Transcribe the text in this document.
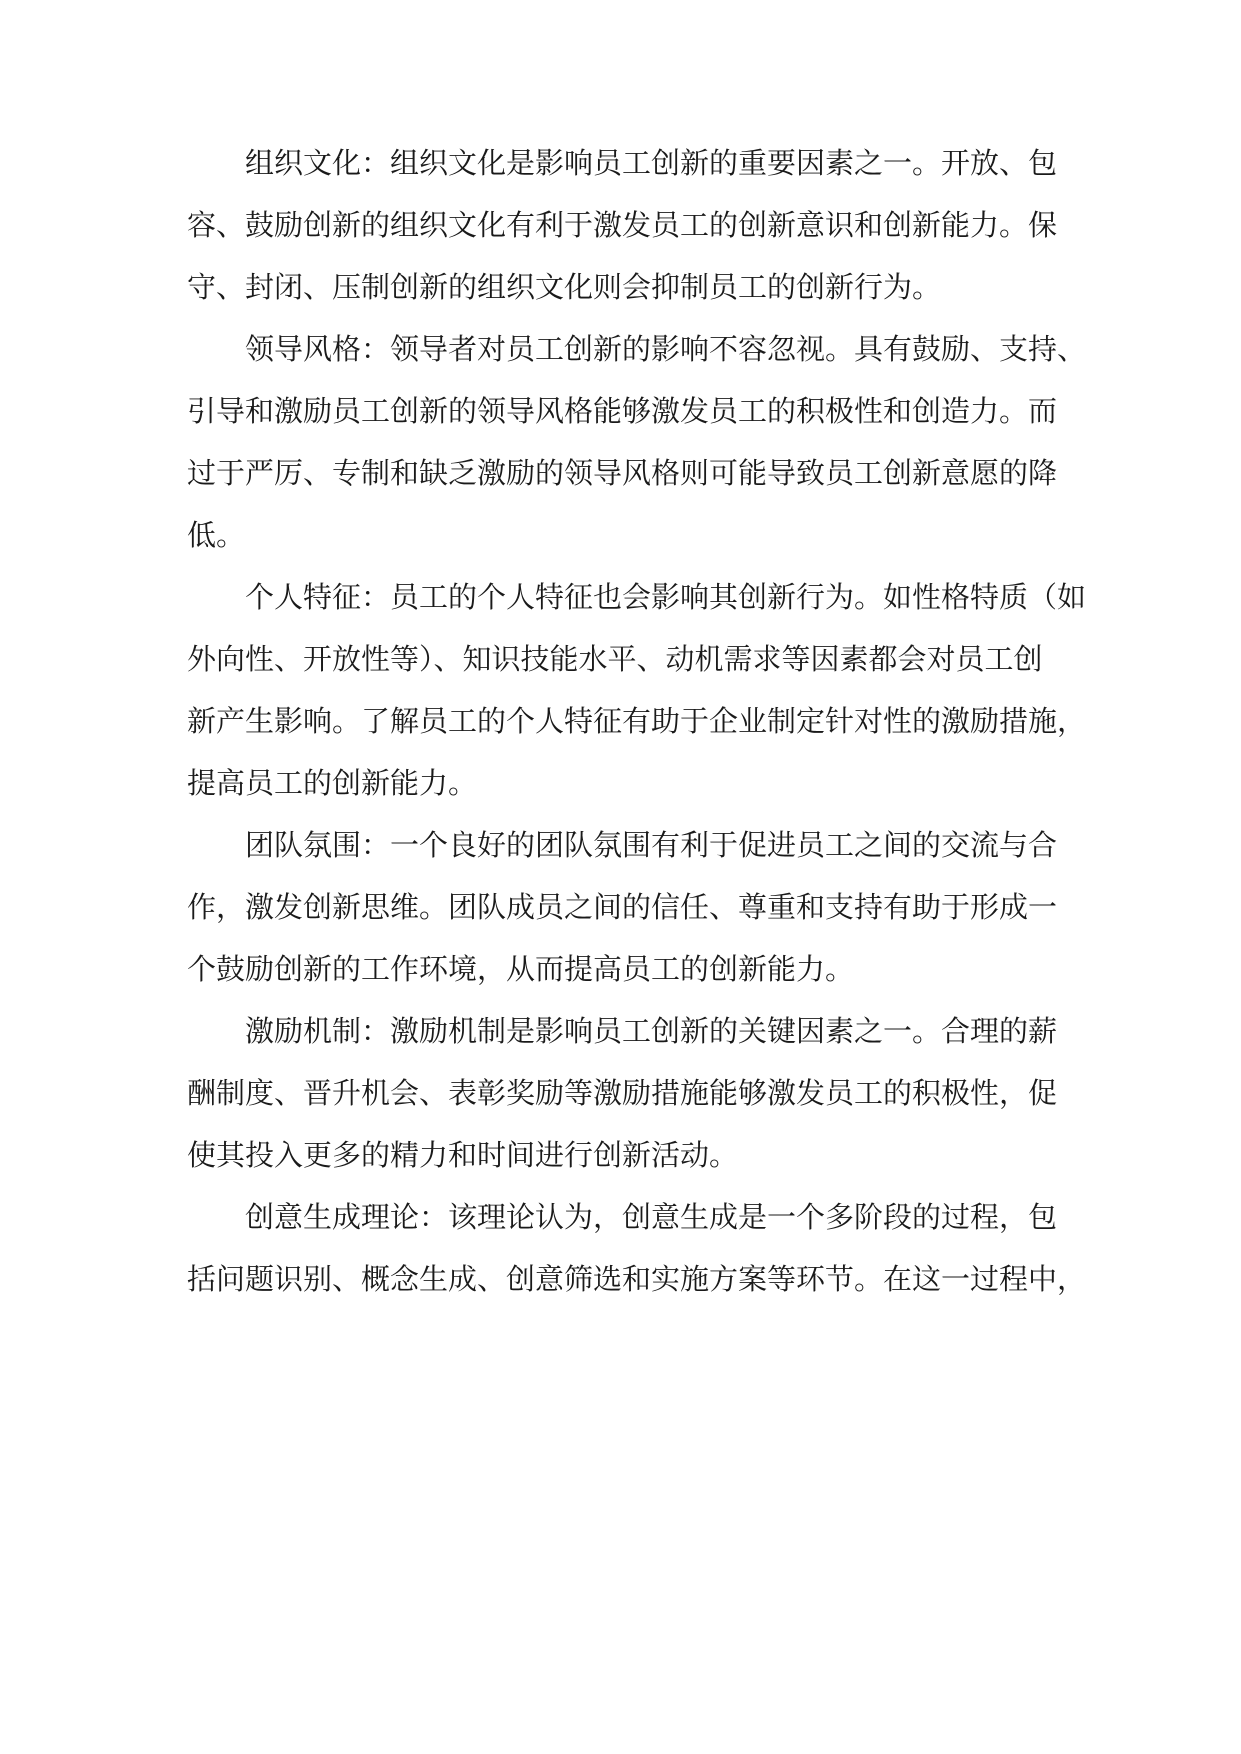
组织文化：组织文化是影响员工创新的重要因素之一。开放、包
容、鼓励创新的组织文化有利于激发员工的创新意识和创新能力。保
守、封闭、压制创新的组织文化则会抑制员工的创新行为。

领导风格：领导者对员工创新的影响不容忽视。具有鼓励、支持、
引导和激励员工创新的领导风格能够激发员工的积极性和创造力。而
过于严厉、专制和缺乏激励的领导风格则可能导致员工创新意愿的降
低。

个人特征：员工的个人特征也会影响其创新行为。如性格特质（如
外向性、开放性等）、知识技能水平、动机需求等因素都会对员工创
新产生影响。了解员工的个人特征有助于企业制定针对性的激励措施，
提高员工的创新能力。

团队氛围：一个良好的团队氛围有利于促进员工之间的交流与合
作，激发创新思维。团队成员之间的信任、尊重和支持有助于形成一
个鼓励创新的工作环境，从而提高员工的创新能力。

激励机制：激励机制是影响员工创新的关键因素之一。合理的薪
酬制度、晋升机会、表彰奖励等激励措施能够激发员工的积极性，促
使其投入更多的精力和时间进行创新活动。

创意生成理论：该理论认为，创意生成是一个多阶段的过程，包
括问题识别、概念生成、创意筛选和实施方案等环节。在这一过程中，
